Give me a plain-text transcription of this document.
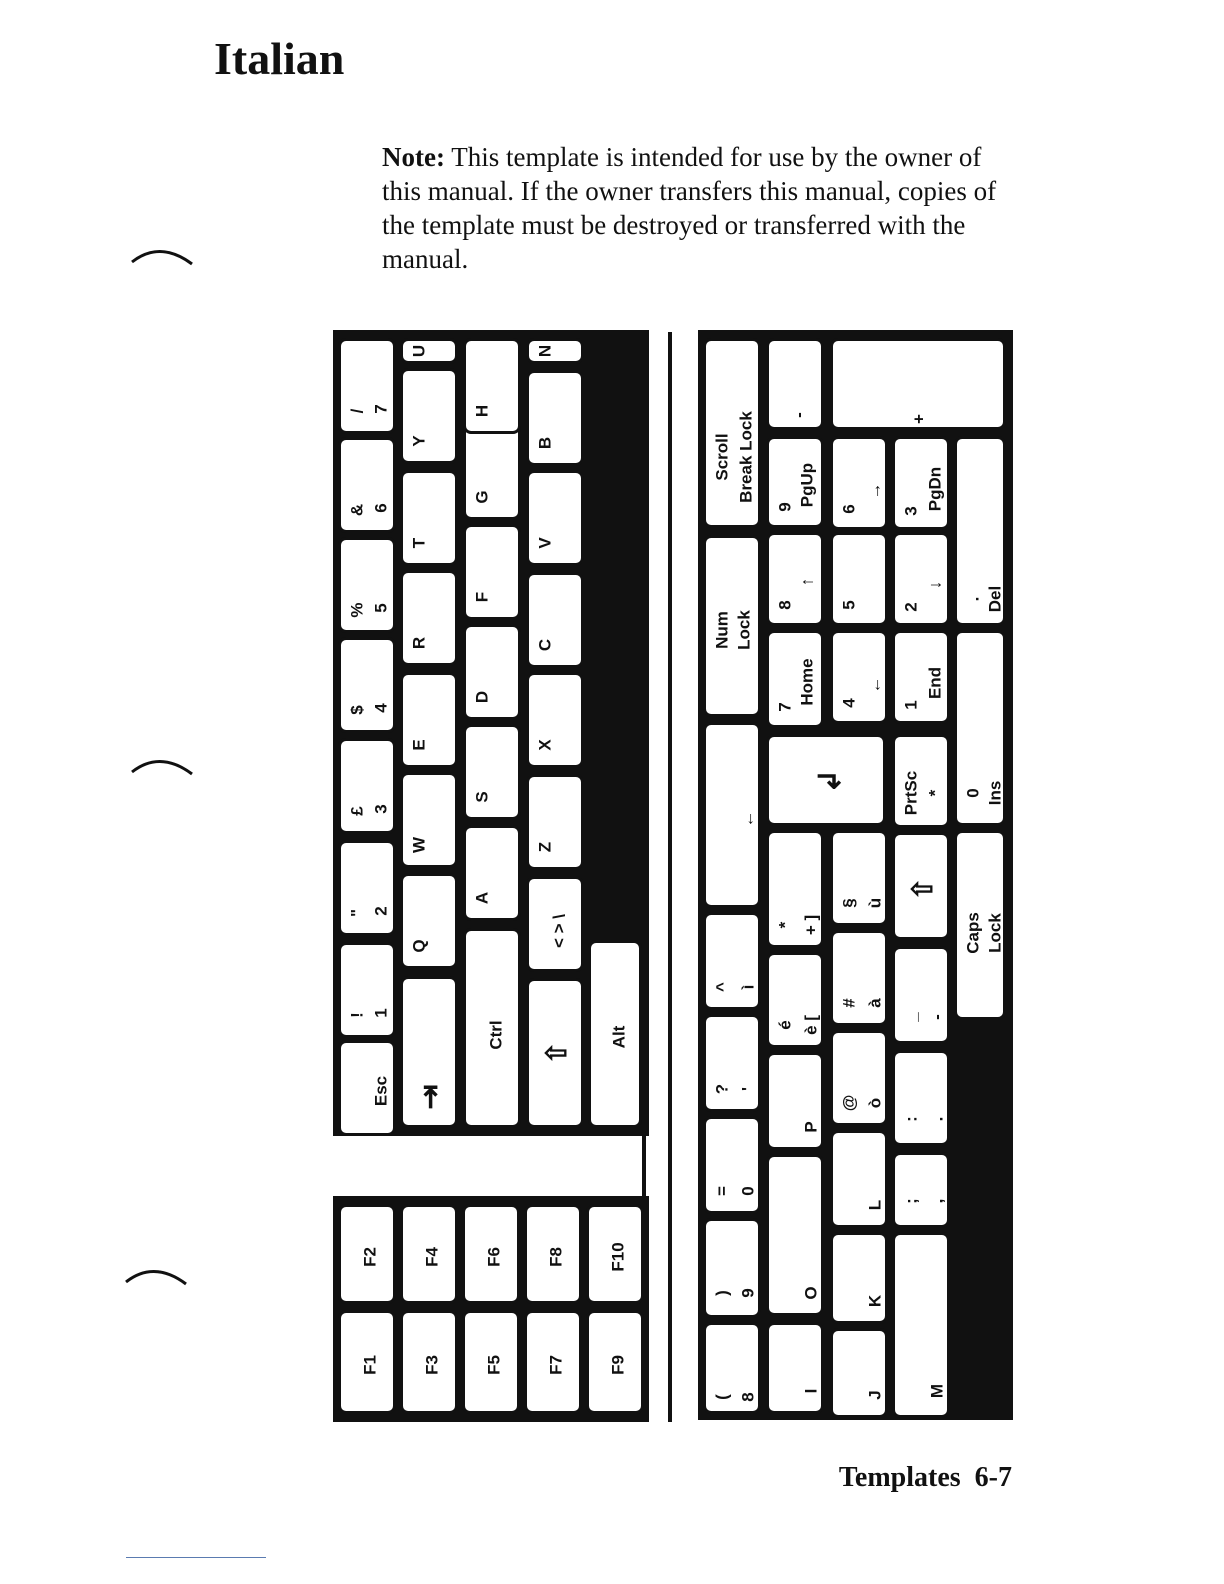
Italian
Note: This template is intended for use by the owner of this manual. If the owner transfers this manual, copies of the template must be destroyed or transferred with the manual.
Templates 6-7
F2
F1
F4
F3
F6
F5
F8
F7
F10
F9
Esc
1
!
2
"
3
£
4
$
5
%
6
&
7
/
⇥
Q
W
E
R
T
Y
U
Ctrl
A
S
D
F
G
H
⇧
< > \
Z
X
C
V
B
N
Alt
8
(
9
)
0
=
'
?
ì
^
←
Num Lock
Scroll Break Lock
I
O
P
è [
é
+ ]
*
↲
7
Home
8
↑
9 PgUp
-
J
K
L
ò
@
à
#
ù
§
4
←
5
6
→
+
M
,
;
.
:
-
_
⇧
PrtSc *
1
End
2
↓
3 PgDn
Caps Lock
0 Ins
. Del
